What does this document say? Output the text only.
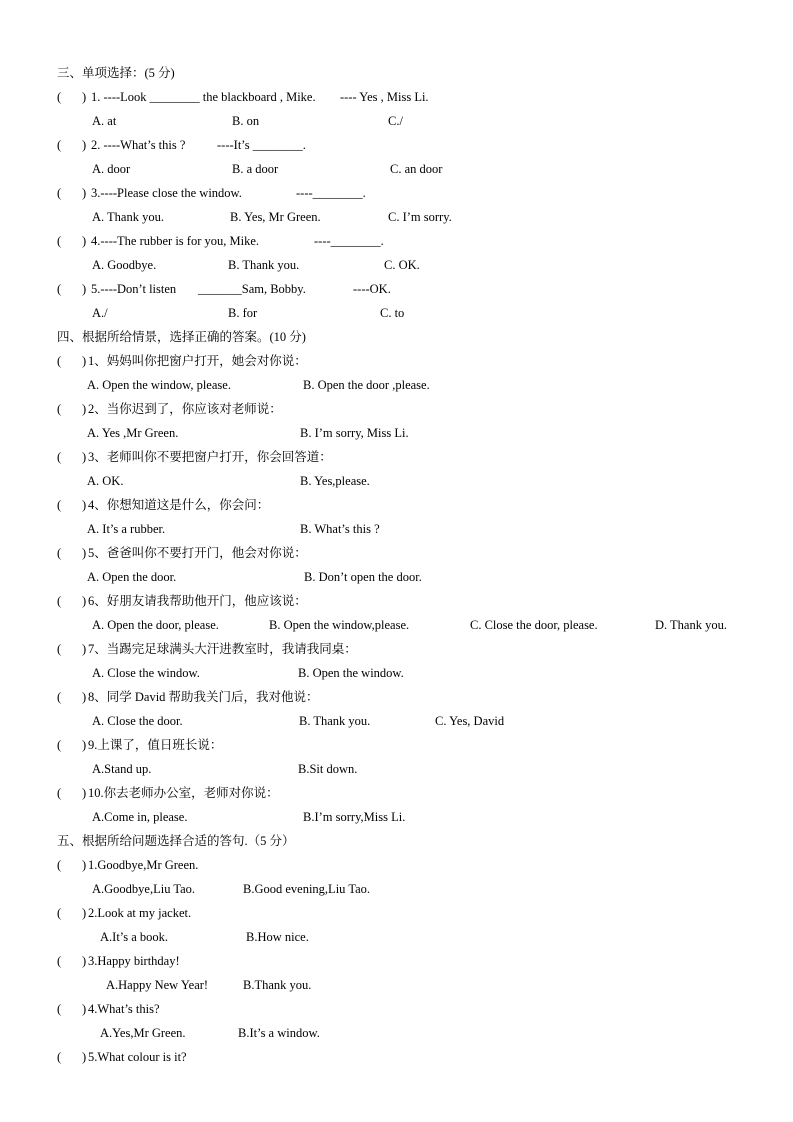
三、单项选择：(5 分)
( ) 1. ----Look ________ the blackboard , Mike. ---- Yes , Miss Li.
A. at	B. on	C./
( ) 2. ----What’s this ?	----It’s ________.
A. door	B. a door	C. an door
( ) 3.----Please close the window.	----________.
A. Thank you.	B. Yes, Mr Green.	C. I’m sorry.
( ) 4.----The rubber is for you, Mike.	----________.
A. Goodbye.	B. Thank you.	C. OK.
( ) 5.----Don’t listen _______Sam, Bobby.	----OK.
A./	B. for	C. to
四、根据所给情景，选择正确的答案。(10 分)
( ) 1、妈妈叫你把窗户打开，她会对你说：
A. Open the window, please.	B. Open the door ,please.
( ) 2、当你迟到了，你应该对老师说：
A. Yes ,Mr Green.	B. I’m sorry, Miss Li.
( ) 3、老师叫你不要把窗户打开，你会回答道：
A. OK.	B. Yes,please.
( ) 4、你想知道这是什么，你会问：
A. It’s a rubber.	B. What’s this ?
( ) 5、爸爸叫你不要打开门，他会对你说：
A. Open the door.	B. Don’t open the door.
( ) 6、好朋友请我帮助他开门，他应该说：
A. Open the door, please.	B. Open the window,please.	C. Close the door, please.	D. Thank you.
( ) 7、当踢完足球满头大汗进教室时，我请我同桌：
A. Close the window.	B. Open the window.
( ) 8、同学 David 帮助我关门后，我对他说：
A. Close the door.	B. Thank you.	C. Yes, David
( ) 9.上课了，值日班长说：
A.Stand up.	B.Sit down.
( ) 10.你去老师办公室，老师对你说：
A.Come in, please.	B.I’m sorry,Miss Li.
五、根据所给问题选择合适的答句.（5 分）
( ) 1.Goodbye,Mr Green.
A.Goodbye,Liu Tao.	B.Good evening,Liu Tao.
( ) 2.Look at my jacket.
A.It’s a book.	B.How nice.
( ) 3.Happy birthday!
A.Happy New Year!	B.Thank you.
( ) 4.What’s this?
A.Yes,Mr Green.	B.It’s a window.
( ) 5.What colour is it?
